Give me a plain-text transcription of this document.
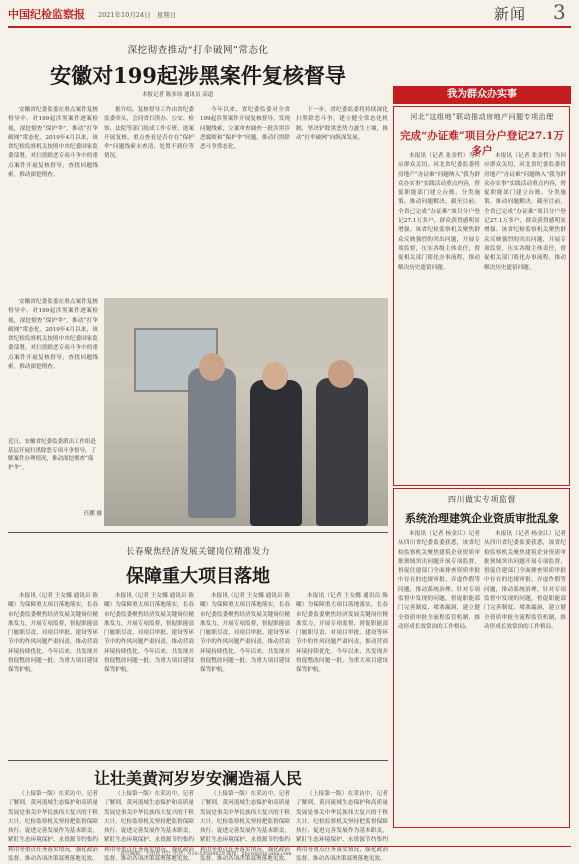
中国纪检监察报	2021年10月24日 星期日	新闻 3
深挖彻查推动“打伞破网”常态化
安徽对199起涉黑案件复核督导
本报记者 陈多琼 通讯员 高道
安徽省纪委监委在重点案件复核督导中，对199起涉黑案件逐案检视，深挖彻查“保护伞”，推动“打伞破网”常态化。2019年4月以来，该省纪检监察机关按照中央纪委国家监委部署，对扫黑除恶专项斗争中的重点案件开展复核督导，查找问题线索，推动深挖彻查。
据介绍，复核督导工作由省纪委监委牵头，会同省扫黑办、公安、检察、法院等部门组成工作专班，逐案开展复核，重点查看是否存在“保护伞”问题线索未查清、处置不到位等情况。
今年以来，省纪委监委对全省199起涉黑案件开展复核督导，发现问题线索，立案审查调查一批涉黑涉恶腐败和“保护伞”问题，推动扫黑除恶斗争常态化。
下一步，省纪委监委将持续深化扫黑除恶斗争，建立健全常态化机制，坚决铲除黑恶势力滋生土壤，推动“打伞破网”向纵深发展。
安徽省纪委监委在重点案件复核督导中，对199起涉黑案件逐案检视，深挖彻查“保护伞”，推动“打伞破网”常态化。2019年4月以来，该省纪检监察机关按照中央纪委国家监委部署，对扫黑除恶专项斗争中的重点案件开展复核督导，查找问题线索，推动深挖彻查。
近日，安徽省纪委监委派出工作组赴基层开展扫黑除恶专项斗争督导，了解案件办理情况，推动深挖彻查“保护伞”。
任鹏 摄
我为群众办实事
河北“这组地”联动推动房地产问题专项治理
完成“办证难”项目分户登记27.1万多户
本报讯（记者 张金哲）为回应群众关切，河北省纪委监委将房地产“办证难”问题纳入“我为群众办实事”实践活动重点内容，督促职能部门建立台账、分类施策，推动问题解决。截至目前，全省已完成“办证难”项目分户登记27.1万多户，群众获得感明显增强。该省纪检监察机关聚焦群众反映强烈的突出问题，开展专项监督，压实各级主体责任，督促相关部门简化办事流程，推动解决历史遗留问题。
本报讯（记者 张金哲）为回应群众关切，河北省纪委监委将房地产“办证难”问题纳入“我为群众办实事”实践活动重点内容，督促职能部门建立台账、分类施策，推动问题解决。截至目前，全省已完成“办证难”项目分户登记27.1万多户，群众获得感明显增强。该省纪检监察机关聚焦群众反映强烈的突出问题，开展专项监督，压实各级主体责任，督促相关部门简化办事流程，推动解决历史遗留问题。
四川做实专项监督
系统治理建筑企业资质审批乱象
本报讯（记者 杨金江）记者从四川省纪委监委获悉，该省纪检监察机关聚焦建筑企业资质审批领域突出问题开展专项监督，督促住建部门全面排查资质审批中存在的违规审批、弄虚作假等问题，推动系统治理。针对专项监督中发现的问题，督促职能部门完善制度、堵塞漏洞，建立健全资质审批全流程监管机制，推动形成长效常治的工作格局。
本报讯（记者 杨金江）记者从四川省纪委监委获悉，该省纪检监察机关聚焦建筑企业资质审批领域突出问题开展专项监督，督促住建部门全面排查资质审批中存在的违规审批、弄虚作假等问题，推动系统治理。针对专项监督中发现的问题，督促职能部门完善制度、堵塞漏洞，建立健全资质审批全流程监管机制，推动形成长效常治的工作格局。
长春聚焦经济发展关键岗位精准发力
保障重大项目落地
本报讯（记者 王女娜 通讯员 陈曦）为保障重大项目落地落实，长春市纪委监委聚焦经济发展关键岗位精准发力，开展专项监督，督促职能部门履职尽责，对项目审批、建设等环节中的作风问题严肃问责，推动营商环境持续优化。今年以来，共发现并督促整改问题一批，为重大项目建设保驾护航。
本报讯（记者 王女娜 通讯员 陈曦）为保障重大项目落地落实，长春市纪委监委聚焦经济发展关键岗位精准发力，开展专项监督，督促职能部门履职尽责，对项目审批、建设等环节中的作风问题严肃问责，推动营商环境持续优化。今年以来，共发现并督促整改问题一批，为重大项目建设保驾护航。
本报讯（记者 王女娜 通讯员 陈曦）为保障重大项目落地落实，长春市纪委监委聚焦经济发展关键岗位精准发力，开展专项监督，督促职能部门履职尽责，对项目审批、建设等环节中的作风问题严肃问责，推动营商环境持续优化。今年以来，共发现并督促整改问题一批，为重大项目建设保驾护航。
本报讯（记者 王女娜 通讯员 陈曦）为保障重大项目落地落实，长春市纪委监委聚焦经济发展关键岗位精准发力，开展专项监督，督促职能部门履职尽责，对项目审批、建设等环节中的作风问题严肃问责，推动营商环境持续优化。今年以来，共发现并督促整改问题一批，为重大项目建设保驾护航。
让壮美黄河岁岁安澜造福人民
（上接第一版）在采访中，记者了解到，黄河流域生态保护和高质量发展是事关中华民族伟大复兴的千秋大计。纪检监察机关坚持把监督保障执行、促进完善发展作为基本职责，紧盯生态环境保护、水资源节约集约利用等重点任务落实情况，强化政治监督，推动各项决策部署落地见效。
（上接第一版）在采访中，记者了解到，黄河流域生态保护和高质量发展是事关中华民族伟大复兴的千秋大计。纪检监察机关坚持把监督保障执行、促进完善发展作为基本职责，紧盯生态环境保护、水资源节约集约利用等重点任务落实情况，强化政治监督，推动各项决策部署落地见效。
（上接第一版）在采访中，记者了解到，黄河流域生态保护和高质量发展是事关中华民族伟大复兴的千秋大计。纪检监察机关坚持把监督保障执行、促进完善发展作为基本职责，紧盯生态环境保护、水资源节约集约利用等重点任务落实情况，强化政治监督，推动各项决策部署落地见效。
（上接第一版）在采访中，记者了解到，黄河流域生态保护和高质量发展是事关中华民族伟大复兴的千秋大计。纪检监察机关坚持把监督保障执行、促进完善发展作为基本职责，紧盯生态环境保护、水资源节约集约利用等重点任务落实情况，强化政治监督，推动各项决策部署落地见效。
责任编辑：王雨欢 代江 电话：010-59584829 邮箱：jjbyw@vip.sina.com
